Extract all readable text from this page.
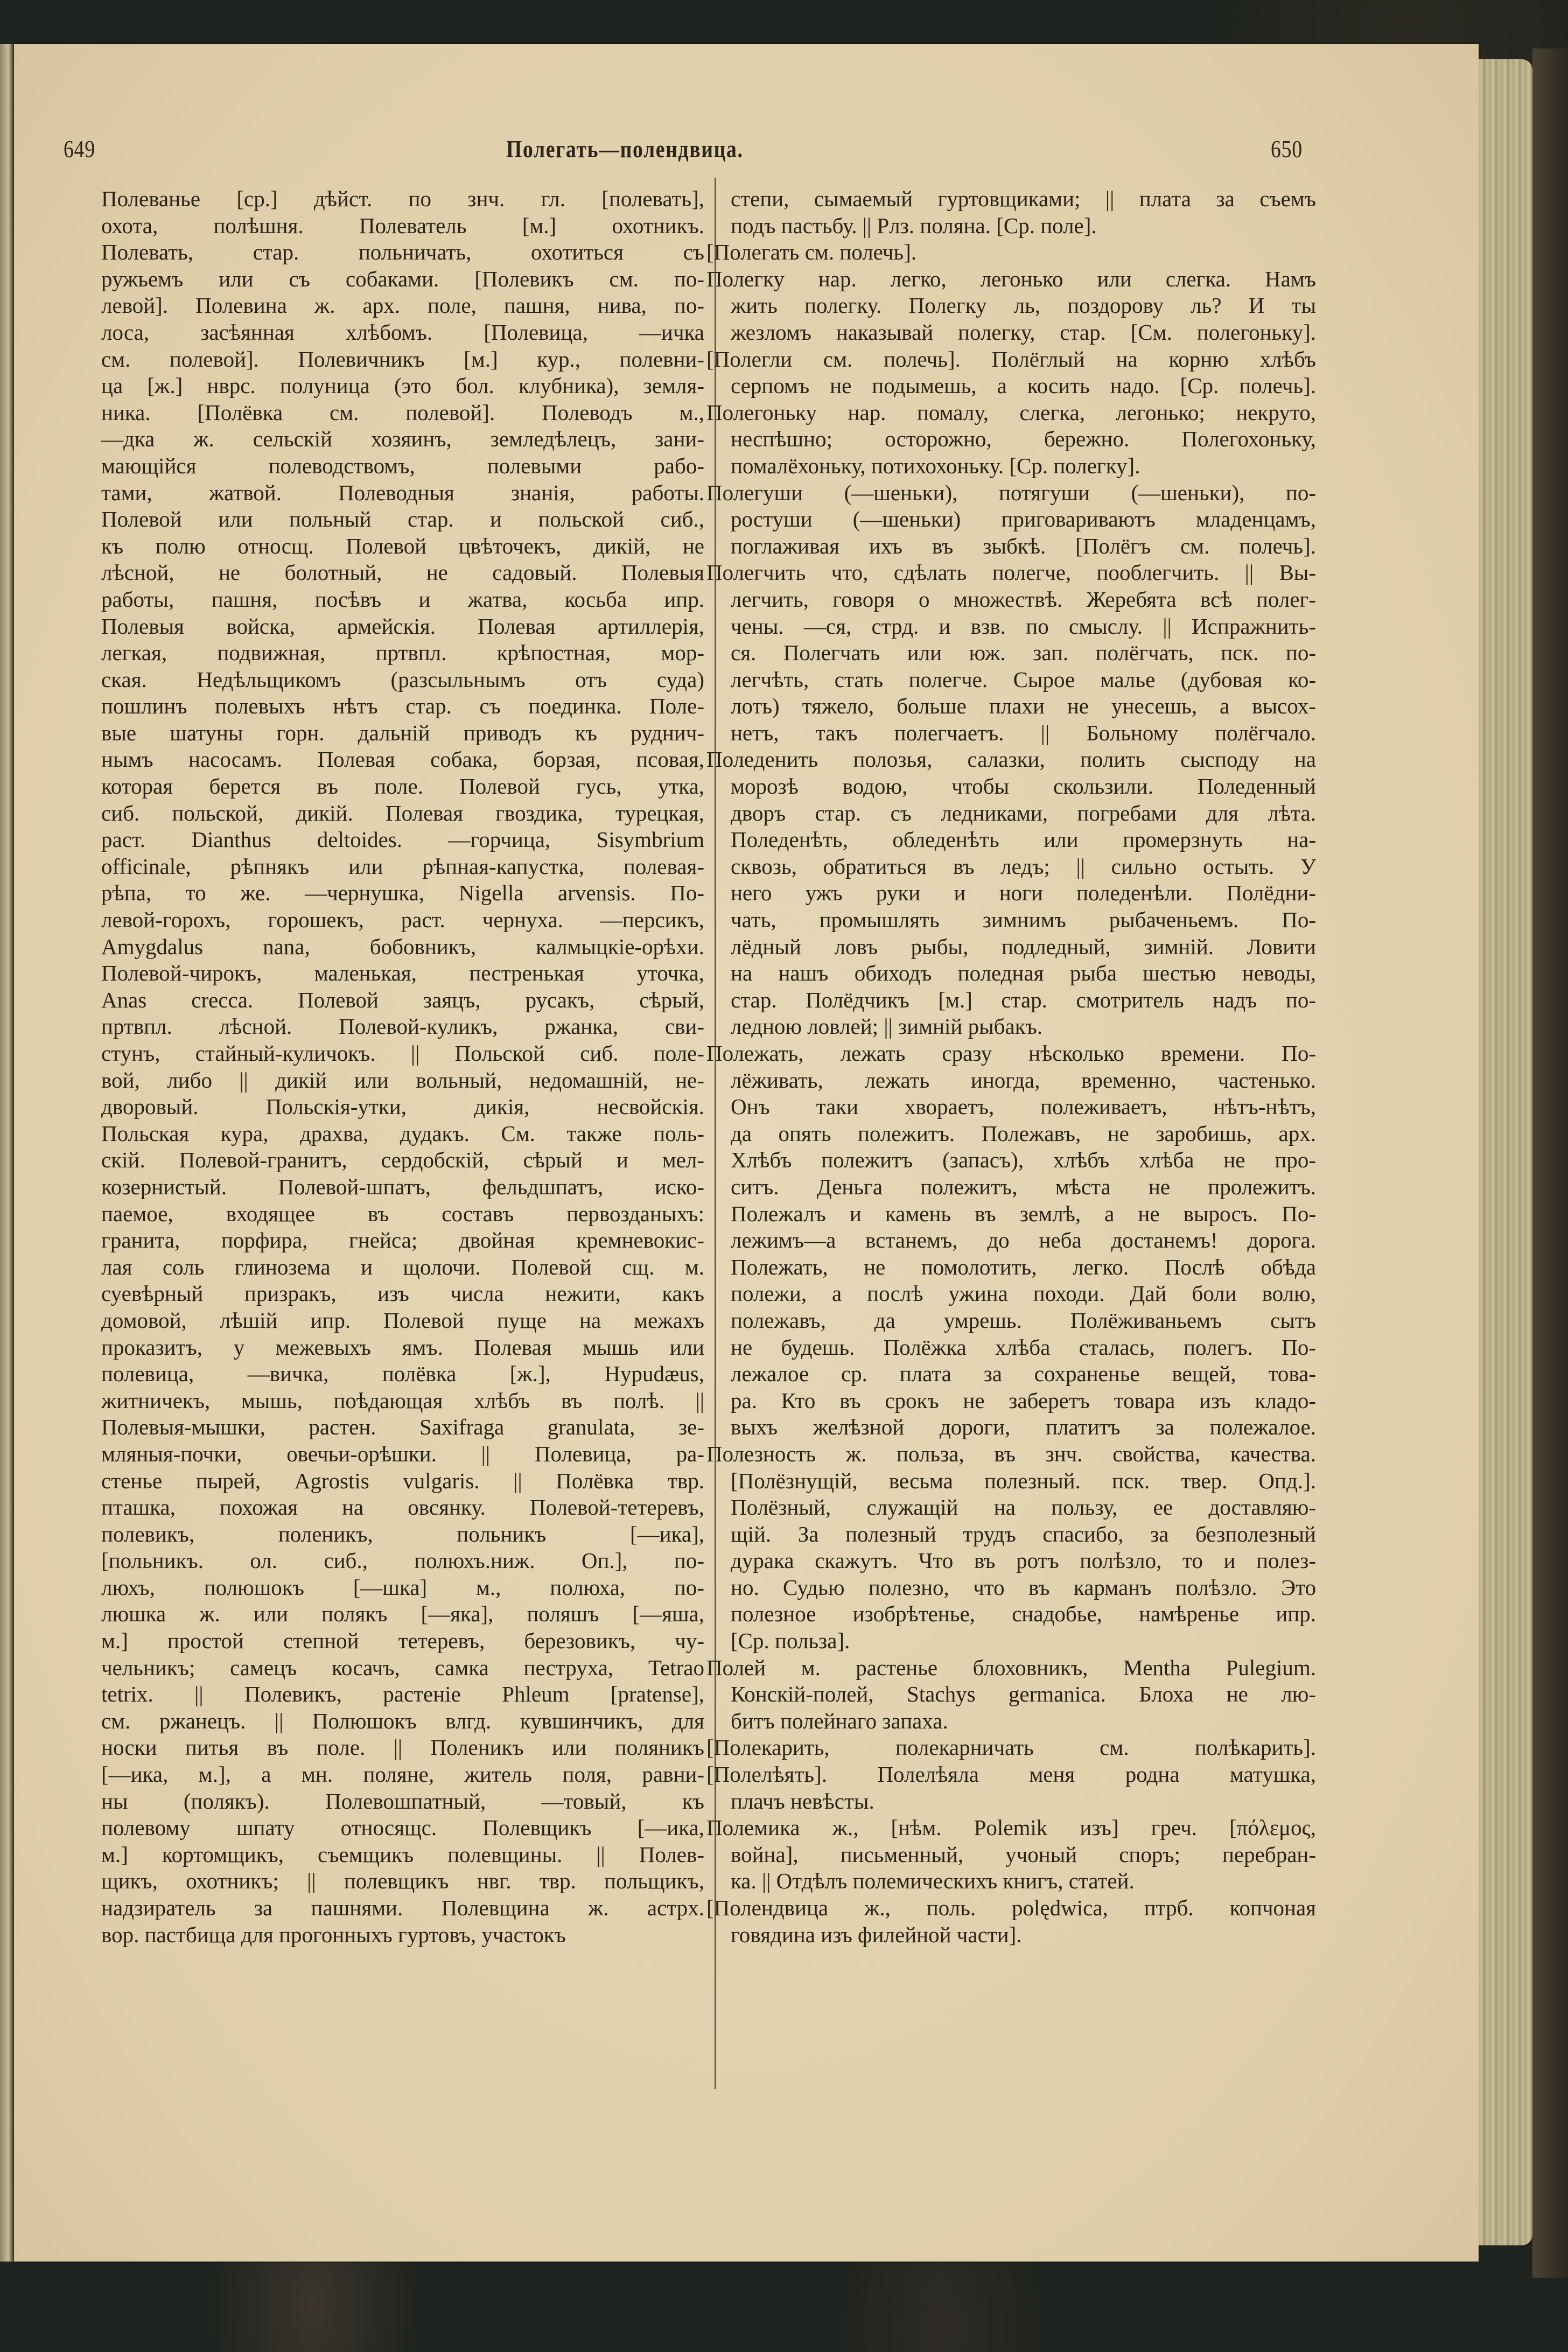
649	Полегать—полендвица.	650
Полеванье [ср.] дѣйст. по знч. гл. [полевать],
охота, полѣшня. Полеватель [м.] охотникъ.
Полевать, стар. польничать, охотиться съ
ружьемъ или съ собаками. [Полевикъ см. по-
левой]. Полевина ж. арх. поле, пашня, нива, по-
лоса, засѣянная хлѣбомъ. [Полевица, —ичка
см. полевой]. Полевичникъ [м.] кур., полевни-
ца [ж.] нврс. полуница (это бол. клубника), земля-
ника. [Полёвка см. полевой]. Полеводъ м.,
—дка ж. сельскій хозяинъ, земледѣлецъ, зани-
мающійся полеводствомъ, полевыми рабо-
тами, жатвой. Полеводныя знанія, работы.
Полевой или польный стар. и польской сиб.,
къ полю относщ. Полевой цвѣточекъ, дикій, не
лѣсной, не болотный, не садовый. Полевыя
работы, пашня, посѣвъ и жатва, косьба ипр.
Полевыя войска, армейскія. Полевая артиллерія,
легкая, подвижная, пртвпл. крѣпостная, мор-
ская. Недѣльщикомъ (разсыльнымъ отъ суда)
пошлинъ полевыхъ нѣтъ стар. съ поединка. Поле-
вые шатуны горн. дальній приводъ къ руднич-
нымъ насосамъ. Полевая собака, борзая, псовая,
которая берется въ поле. Полевой гусь, утка,
сиб. польской, дикій. Полевая гвоздика, турецкая,
раст. Dianthus deltoides. —горчица, Sisymbrium
officinale, рѣпнякъ или рѣпная-капустка, полевая-
рѣпа, то же. —чернушка, Nigella arvensis. По-
левой-горохъ, горошекъ, раст. чернуха. —персикъ,
Amygdalus nana, бобовникъ, калмыцкіе-орѣхи.
Полевой-чирокъ, маленькая, пестренькая уточка,
Anas crecca. Полевой заяцъ, русакъ, сѣрый,
пртвпл. лѣсной. Полевой-куликъ, ржанка, сви-
стунъ, стайный-куличокъ. || Польской сиб. поле-
вой, либо || дикій или вольный, недомашній, не-
дворовый. Польскія-утки, дикія, несвойскія.
Польская кура, драхва, дудакъ. См. также поль-
скій. Полевой-гранитъ, сердобскій, сѣрый и мел-
козернистый. Полевой-шпатъ, фельдшпатъ, иско-
паемое, входящее въ составъ первозданыхъ:
гранита, порфира, гнейса; двойная кремневокис-
лая соль глинозема и щолочи. Полевой сщ. м.
суевѣрный призракъ, изъ числа нежити, какъ
домовой, лѣшій ипр. Полевой пуще на межахъ
проказитъ, у межевыхъ ямъ. Полевая мышь или
полевица, —вичка, полёвка [ж.], Hypudæus,
житничекъ, мышь, поѣдающая хлѣбъ въ полѣ. ||
Полевыя-мышки, растен. Saxifraga granulata, зе-
мляныя-почки, овечьи-орѣшки. || Полевица, ра-
стенье пырей, Agrostis vulgaris. || Полёвка твр.
пташка, похожая на овсянку. Полевой-тетеревъ,
полевикъ, поленикъ, польникъ [—ика],
[польникъ. ол. сиб., полюхъ.ниж. Оп.], по-
люхъ, полюшокъ [—шка] м., полюха, по-
люшка ж. или полякъ [—яка], поляшъ [—яша,
м.] простой степной тетеревъ, березовикъ, чу-
чельникъ; самецъ косачъ, самка пеструха, Tetrao
tetrix. || Полевикъ, растеніе Phleum [pratense],
см. ржанецъ. || Полюшокъ влгд. кувшинчикъ, для
носки питья въ поле. || Поленикъ или поляникъ
[—ика, м.], а мн. поляне, житель поля, равни-
ны (полякъ). Полевошпатный, —товый, къ
полевому шпату относящс. Полевщикъ [—ика,
м.] кортомщикъ, съемщикъ полевщины. || Полев-
щикъ, охотникъ; || полевщикъ нвг. твр. польщикъ,
надзиратель за пашнями. Полевщина ж. астрх.
вор. пастбища для прогонныхъ гуртовъ, участокъ
степи, сымаемый гуртовщиками; || плата за съемъ
подъ пастьбу. || Рлз. поляна. [Ср. поле].
[Полегать см. полечь].
Полегку нар. легко, легонько или слегка. Намъ
жить полегку. Полегку ль, поздорову ль? И ты
жезломъ наказывай полегку, стар. [См. полегоньку].
[Полегли см. полечь]. Полёглый на корню хлѣбъ
серпомъ не подымешь, а косить надо. [Ср. полечь].
Полегоньку нар. помалу, слегка, легонько; некруто,
неспѣшно; осторожно, бережно. Полегохоньку,
помалёхоньку, потихохоньку. [Ср. полегку].
Полегуши (—шеньки), потягуши (—шеньки), по-
ростуши (—шеньки) приговариваютъ младенцамъ,
поглаживая ихъ въ зыбкѣ. [Полёгъ см. полечь].
Полегчить что, сдѣлать полегче, пооблегчить. || Вы-
легчить, говоря о множествѣ. Жеребята всѣ полег-
чены. —ся, стрд. и взв. по смыслу. || Испражнить-
ся. Полегчать или юж. зап. полёгчать, пск. по-
легчѣть, стать полегче. Сырое малье (дубовая ко-
лоть) тяжело, больше плахи не унесешь, а высох-
нетъ, такъ полегчаетъ. || Больному полёгчало.
Поледенить полозья, салазки, полить сысподу на
морозѣ водою, чтобы скользили. Поледенный
дворъ стар. съ ледниками, погребами для лѣта.
Поледенѣть, обледенѣть или промерзнуть на-
сквозь, обратиться въ ледъ; || сильно остыть. У
него ужъ руки и ноги поледенѣли. Полёдни-
чать, промышлять зимнимъ рыбаченьемъ. По-
лёдный ловъ рыбы, подледный, зимній. Ловити
на нашъ обиходъ поледная рыба шестью неводы,
стар. Полёдчикъ [м.] стар. смотритель надъ по-
ледною ловлей; || зимній рыбакъ.
Полежать, лежать сразу нѣсколько времени. По-
лёживать, лежать иногда, временно, частенько.
Онъ таки хвораетъ, полеживаетъ, нѣтъ-нѣтъ,
да опять полежитъ. Полежавъ, не заробишь, арх.
Хлѣбъ полежитъ (запасъ), хлѣбъ хлѣба не про-
ситъ. Деньга полежитъ, мѣста не пролежитъ.
Полежалъ и камень въ землѣ, а не выросъ. По-
лежимъ—а встанемъ, до неба достанемъ! дорога.
Полежать, не помолотить, легко. Послѣ обѣда
полежи, а послѣ ужина походи. Дай боли волю,
полежавъ, да умрешь. Полёживаньемъ сытъ
не будешь. Полёжка хлѣба сталась, полегъ. По-
лежалое ср. плата за сохраненье вещей, това-
ра. Кто въ срокъ не заберетъ товара изъ кладо-
выхъ желѣзной дороги, платитъ за полежалое.
Полезность ж. польза, въ знч. свойства, качества.
[Полёзнущій, весьма полезный. пск. твер. Опд.].
Полёзный, служащій на пользу, ее доставляю-
щій. За полезный трудъ спасибо, за безполезный
дурака скажутъ. Что въ ротъ полѣзло, то и полез-
но. Судью полезно, что въ карманъ полѣзло. Это
полезное изобрѣтенье, снадобье, намѣренье ипр.
[Ср. польза].
Полей м. растенье блоховникъ, Mentha Pulegium.
Конскій-полей, Stachys germanica. Блоха не лю-
битъ полейнаго запаха.
[Полекарить, полекарничать см. полѣкарить].
[Полелѣять]. Полелѣяла меня родна матушка,
плачъ невѣсты.
Полемика ж., [нѣм. Polemik изъ] греч. [πόλεμος,
война], письменный, учоный споръ; перебран-
ка. || Отдѣлъ полемическихъ книгъ, статей.
[Полендвица ж., поль. polędwica, птрб. копчоная
говядина изъ филейной части].
